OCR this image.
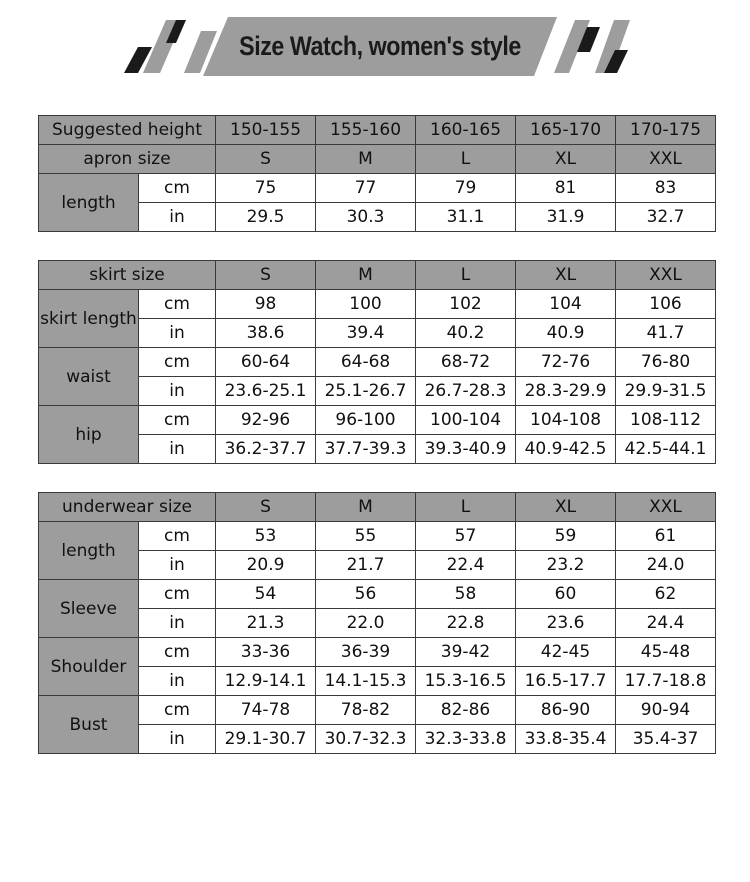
Size Watch, women's style
Suggested height		150-155	155-160	160-165	165-170	170-175
apron size		S	M	L	XL	XXL
length	cm	75	77	79	81	83
	in	29.5	30.3	31.1	31.9	32.7
skirt size		S	M	L	XL	XXL
skirt length	cm	98	100	102	104	106
	in	38.6	39.4	40.2	40.9	41.7
waist	cm	60-64	64-68	68-72	72-76	76-80
	in	23.6-25.1	25.1-26.7	26.7-28.3	28.3-29.9	29.9-31.5
hip	cm	92-96	96-100	100-104	104-108	108-112
	in	36.2-37.7	37.7-39.3	39.3-40.9	40.9-42.5	42.5-44.1
underwear size		S	M	L	XL	XXL
length	cm	53	55	57	59	61
	in	20.9	21.7	22.4	23.2	24.0
Sleeve	cm	54	56	58	60	62
	in	21.3	22.0	22.8	23.6	24.4
Shoulder	cm	33-36	36-39	39-42	42-45	45-48
	in	12.9-14.1	14.1-15.3	15.3-16.5	16.5-17.7	17.7-18.8
Bust	cm	74-78	78-82	82-86	86-90	90-94
	in	29.1-30.7	30.7-32.3	32.3-33.8	33.8-35.4	35.4-37
